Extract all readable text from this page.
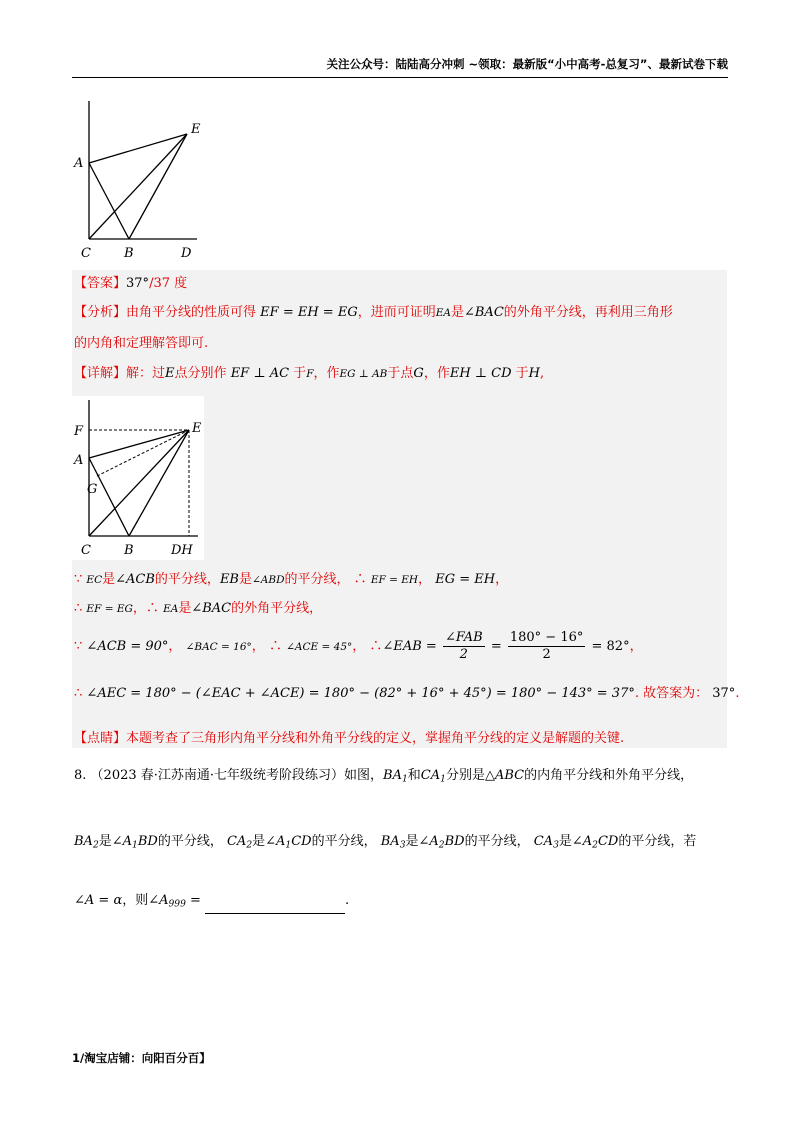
关注公众号：陆陆高分冲刺 ~领取：最新版“小中高考-总复习”、最新试卷下载
A
E
C	B	D
【答案】37°/37 度
【分析】由角平分线的性质可得 EF = EH = EG，进而可证明EA是∠BAC的外角平分线，再利用三角形
的内角和定理解答即可.
【详解】解：过E点分别作 EF ⊥ AC 于F，作EG ⊥ AB于点G，作EH ⊥ CD 于H,
F	E
A
G
C	B	DH
∵ EC是∠ACB的平分线，EB是∠ABD的平分线， ∴ EF = EH， EG = EH，
∴ EF = EG，∴ EA是∠BAC的外角平分线，
∵ ∠ACB = 90°， ∠BAC = 16°， ∴ ∠ACE = 45°， ∴∠EAB = $\frac{\text{∠FAB}}{2} = \frac{180^\circ - 16^\circ}{2} = 82^\circ$，
∴ ∠AEC = 180° − (∠EAC + ∠ACE) = 180° − (82° + 16° + 45°) = 180° − 143° = 37°. 故答案为： 37°.
【点睛】本题考查了三角形内角平分线和外角平分线的定义，掌握角平分线的定义是解题的关键.
8. （2023 春·江苏南通·七年级统考阶段练习）如图，$BA_1$和$CA_1$分别是△ABC的内角平分线和外角平分线，
$BA_2$是$\angle A_1BD$的平分线， $CA_2$是$\angle A_1CD$的平分线， $BA_3$是$\angle A_2BD$的平分线， $CA_3$是$\angle A_2CD$的平分线，若
∠A = α，则$\angle A_{999}$ =	.
1/淘宝店铺：向阳百分百】
